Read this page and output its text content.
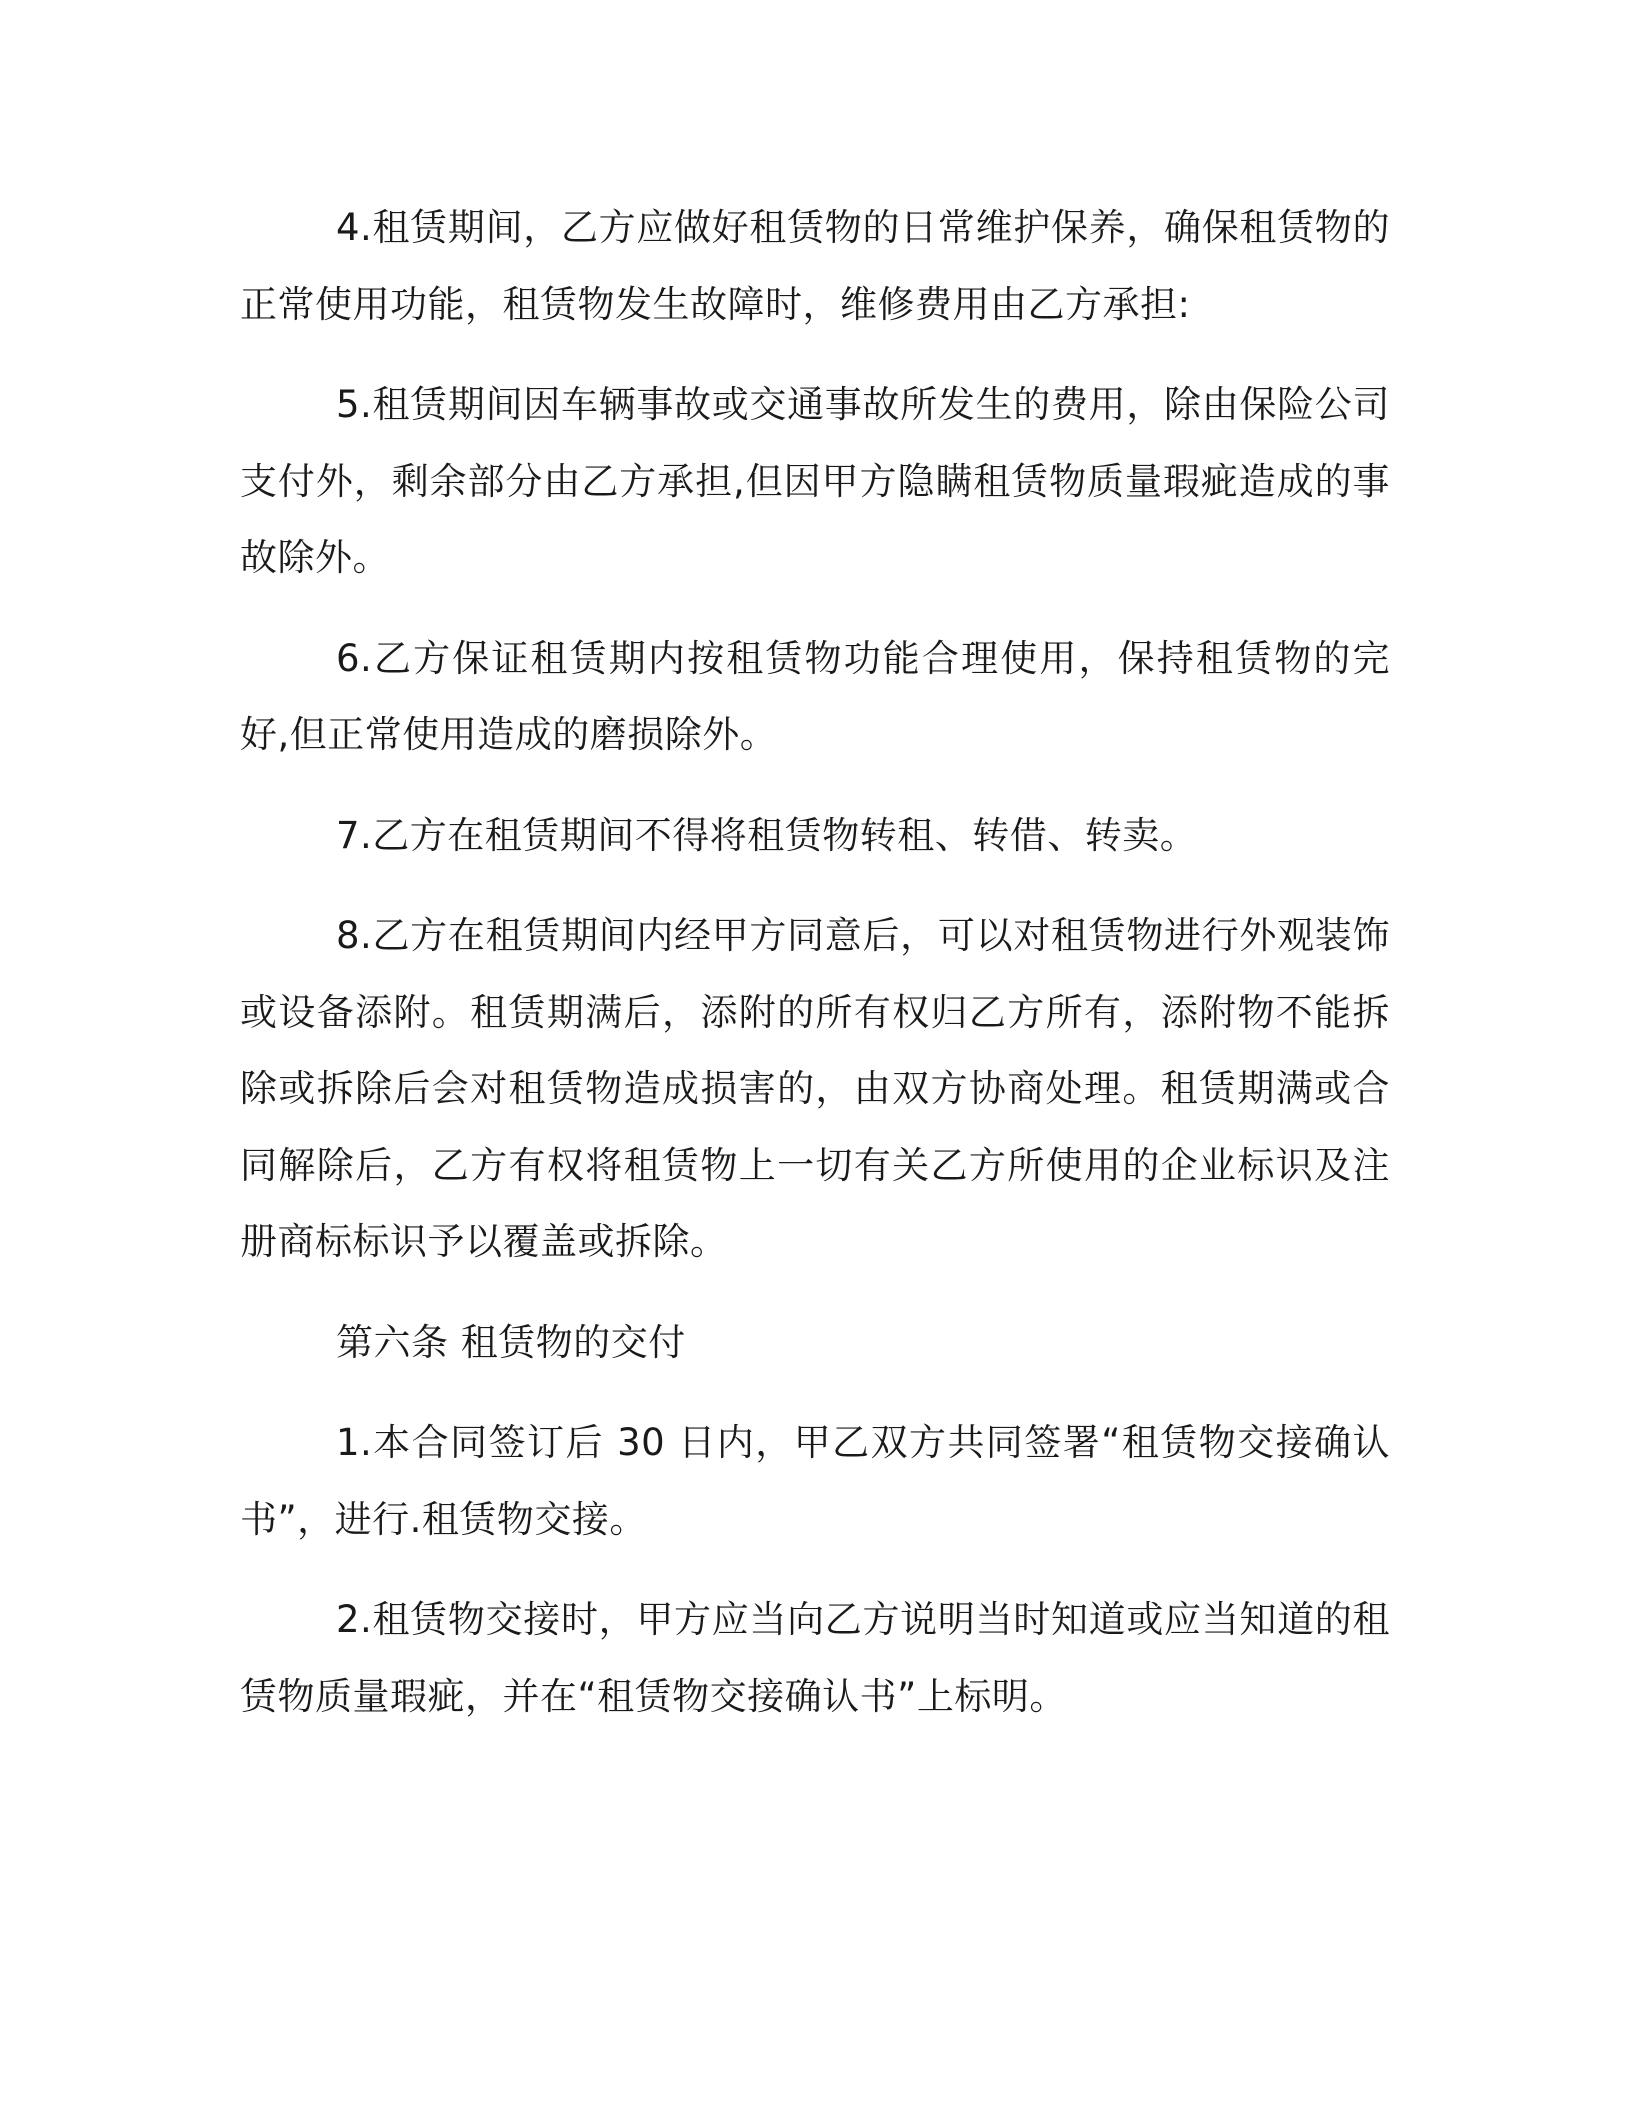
4.租赁期间，乙方应做好租赁物的日常维护保养，确保租赁物的正常使用功能，租赁物发生故障时，维修费用由乙方承担:

5.租赁期间因车辆事故或交通事故所发生的费用，除由保险公司支付外，剩余部分由乙方承担,但因甲方隐瞒租赁物质量瑕疵造成的事故除外。

6.乙方保证租赁期内按租赁物功能合理使用，保持租赁物的完好,但正常使用造成的磨损除外。

7.乙方在租赁期间不得将租赁物转租、转借、转卖。

8.乙方在租赁期间内经甲方同意后，可以对租赁物进行外观装饰或设备添附。租赁期满后，添附的所有权归乙方所有，添附物不能拆除或拆除后会对租赁物造成损害的，由双方协商处理。租赁期满或合同解除后，乙方有权将租赁物上一切有关乙方所使用的企业标识及注册商标标识予以覆盖或拆除。

第六条 租赁物的交付

1.本合同签订后 30 日内，甲乙双方共同签署“租赁物交接确认书”，进行.租赁物交接。

2.租赁物交接时，甲方应当向乙方说明当时知道或应当知道的租赁物质量瑕疵，并在“租赁物交接确认书”上标明。
